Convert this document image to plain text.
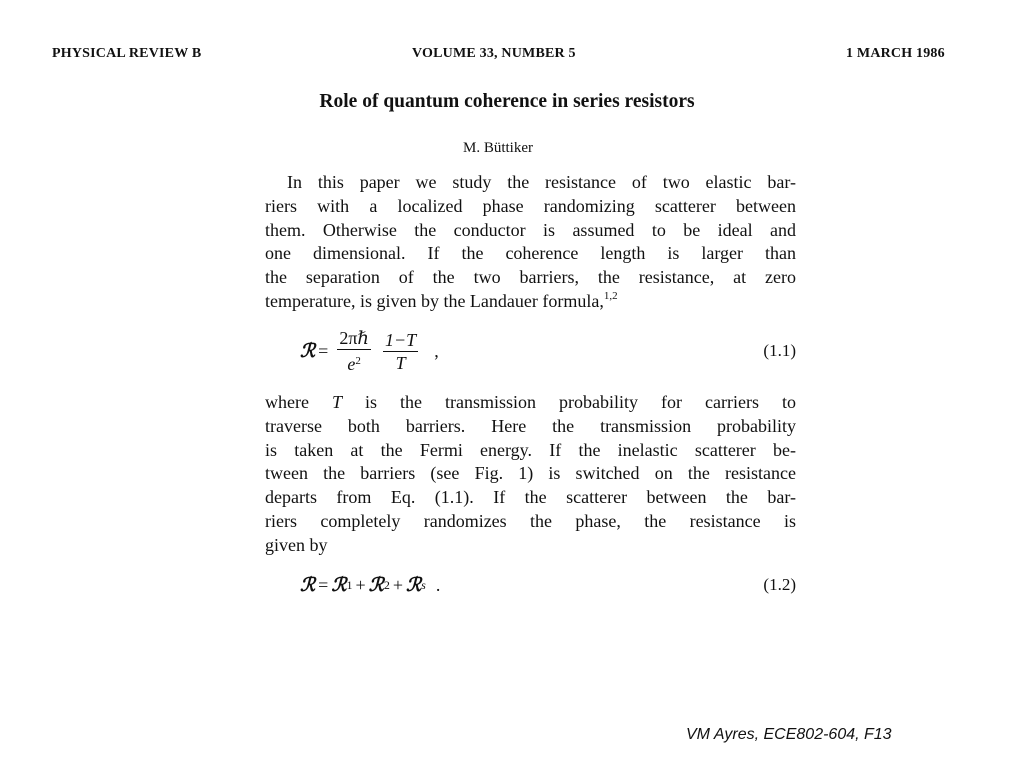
PHYSICAL REVIEW B	VOLUME 33, NUMBER 5	1 MARCH 1986
Role of quantum coherence in series resistors
M. Büttiker
In this paper we study the resistance of two elastic bar-
riers with a localized phase randomizing scatterer between
them. Otherwise the conductor is assumed to be ideal and
one dimensional. If the coherence length is larger than
the separation of the two barriers, the resistance, at zero
temperature, is given by the Landauer formula,$^{1,2}$
ℛ = $\frac{\text{2πℏ}}{e^2} \frac{1-T}{T}$ ,	(1.1)
where T is the transmission probability for carriers to
traverse both barriers. Here the transmission probability
is taken at the Fermi energy. If the inelastic scatterer be-
tween the barriers (see Fig. 1) is switched on the resistance
departs from Eq. (1.1). If the scatterer between the bar-
riers completely randomizes the phase, the resistance is
given by
ℛ = ℛ 1 + ℛ 2 + ℛ s .	(1.2)
VM Ayres, ECE802-604, F13
